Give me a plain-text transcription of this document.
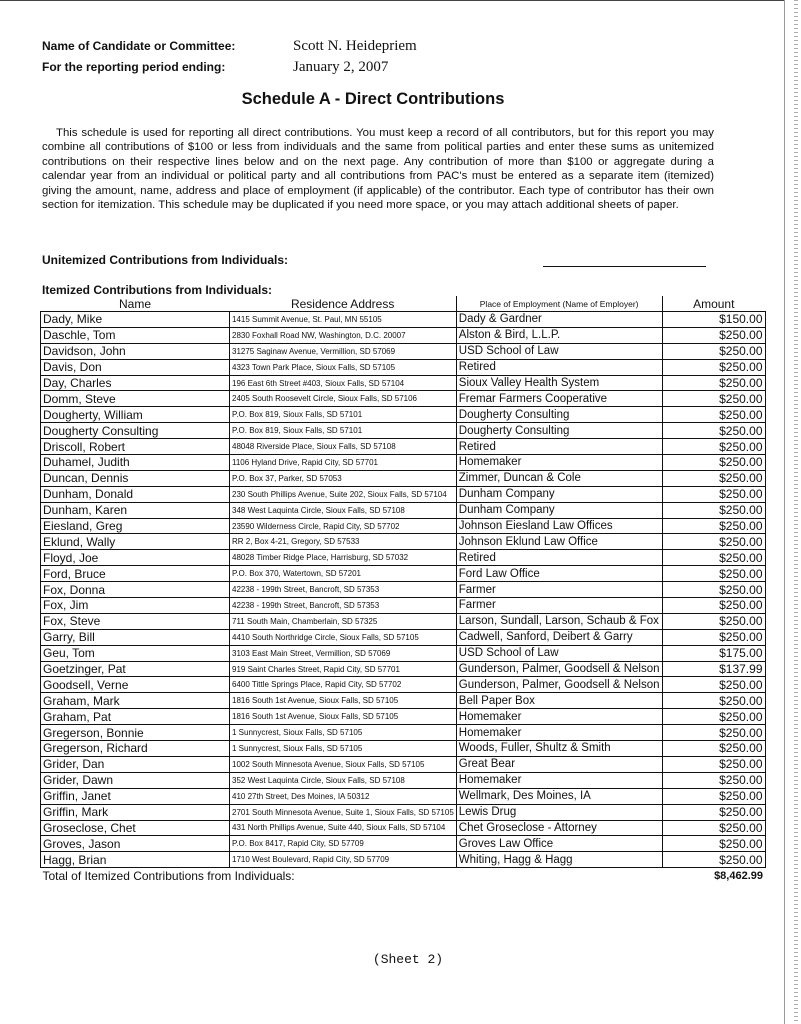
Name of Candidate or Committee:	Scott N. Heidepriem
For the reporting period ending:	January 2, 2007
Schedule A - Direct Contributions

This schedule is used for reporting all direct contributions. You must keep a record of all contributors, but for this report you may combine all contributions of $100 or less from individuals and the same from political parties and enter these sums as unitemized contributions on their respective lines below and on the next page. Any contribution of more than $100 or aggregate during a calendar year from an individual or political party and all contributions from PAC's must be entered as a separate item (itemized) giving the amount, name, address and place of employment (if applicable) of the contributor. Each type of contributor has their own section for itemization. This schedule may be duplicated if you need more space, or you may attach additional sheets of paper.

Unitemized Contributions from Individuals:
Itemized Contributions from Individuals:
Name	Residence Address	Place of Employment (Name of Employer)	Amount
Dady, Mike	1415 Summit Avenue, St. Paul, MN 55105	Dady & Gardner	$150.00
Daschle, Tom	2830 Foxhall Road NW, Washington, D.C. 20007	Alston & Bird, L.L.P.	$250.00
Davidson, John	31275 Saginaw Avenue, Vermillion, SD 57069	USD School of Law	$250.00
Davis, Don	4323 Town Park Place, Sioux Falls, SD 57105	Retired	$250.00
Day, Charles	196 East 6th Street #403, Sioux Falls, SD 57104	Sioux Valley Health System	$250.00
Domm, Steve	2405 South Roosevelt Circle, Sioux Falls, SD 57106	Fremar Farmers Cooperative	$250.00
Dougherty, William	P.O. Box 819, Sioux Falls, SD 57101	Dougherty Consulting	$250.00
Dougherty Consulting	P.O. Box 819, Sioux Falls, SD 57101	Dougherty Consulting	$250.00
Driscoll, Robert	48048 Riverside Place, Sioux Falls, SD 57108	Retired	$250.00
Duhamel, Judith	1106 Hyland Drive, Rapid City, SD 57701	Homemaker	$250.00
Duncan, Dennis	P.O. Box 37, Parker, SD 57053	Zimmer, Duncan & Cole	$250.00
Dunham, Donald	230 South Phillips Avenue, Suite 202, Sioux Falls, SD 57104	Dunham Company	$250.00
Dunham, Karen	348 West Laquinta Circle, Sioux Falls, SD 57108	Dunham Company	$250.00
Eiesland, Greg	23590 Wilderness Circle, Rapid City, SD 57702	Johnson Eiesland Law Offices	$250.00
Eklund, Wally	RR 2, Box 4-21, Gregory, SD 57533	Johnson Eklund Law Office	$250.00
Floyd, Joe	48028 Timber Ridge Place, Harrisburg, SD 57032	Retired	$250.00
Ford, Bruce	P.O. Box 370, Watertown, SD 57201	Ford Law Office	$250.00
Fox, Donna	42238 - 199th Street, Bancroft, SD 57353	Farmer	$250.00
Fox, Jim	42238 - 199th Street, Bancroft, SD 57353	Farmer	$250.00
Fox, Steve	711 South Main, Chamberlain, SD 57325	Larson, Sundall, Larson, Schaub & Fox	$250.00
Garry, Bill	4410 South Northridge Circle, Sioux Falls, SD 57105	Cadwell, Sanford, Deibert & Garry	$250.00
Geu, Tom	3103 East Main Street, Vermillion, SD 57069	USD School of Law	$175.00
Goetzinger, Pat	919 Saint Charles Street, Rapid City, SD 57701	Gunderson, Palmer, Goodsell & Nelson	$137.99
Goodsell, Verne	6400 Tittle Springs Place, Rapid City, SD 57702	Gunderson, Palmer, Goodsell & Nelson	$250.00
Graham, Mark	1816 South 1st Avenue, Sioux Falls, SD 57105	Bell Paper Box	$250.00
Graham, Pat	1816 South 1st Avenue, Sioux Falls, SD 57105	Homemaker	$250.00
Gregerson, Bonnie	1 Sunnycrest, Sioux Falls, SD 57105	Homemaker	$250.00
Gregerson, Richard	1 Sunnycrest, Sioux Falls, SD 57105	Woods, Fuller, Shultz & Smith	$250.00
Grider, Dan	1002 South Minnesota Avenue, Sioux Falls, SD 57105	Great Bear	$250.00
Grider, Dawn	352 West Laquinta Circle, Sioux Falls, SD 57108	Homemaker	$250.00
Griffin, Janet	410 27th Street, Des Moines, IA 50312	Wellmark, Des Moines, IA	$250.00
Griffin, Mark	2701 South Minnesota Avenue, Suite 1, Sioux Falls, SD 57105	Lewis Drug	$250.00
Groseclose, Chet	431 North Phillips Avenue, Suite 440, Sioux Falls, SD 57104	Chet Groseclose - Attorney	$250.00
Groves, Jason	P.O. Box 8417, Rapid City, SD 57709	Groves Law Office	$250.00
Hagg, Brian	1710 West Boulevard, Rapid City, SD 57709	Whiting, Hagg & Hagg	$250.00
Total of Itemized Contributions from Individuals:			$8,462.99
(Sheet 2)
